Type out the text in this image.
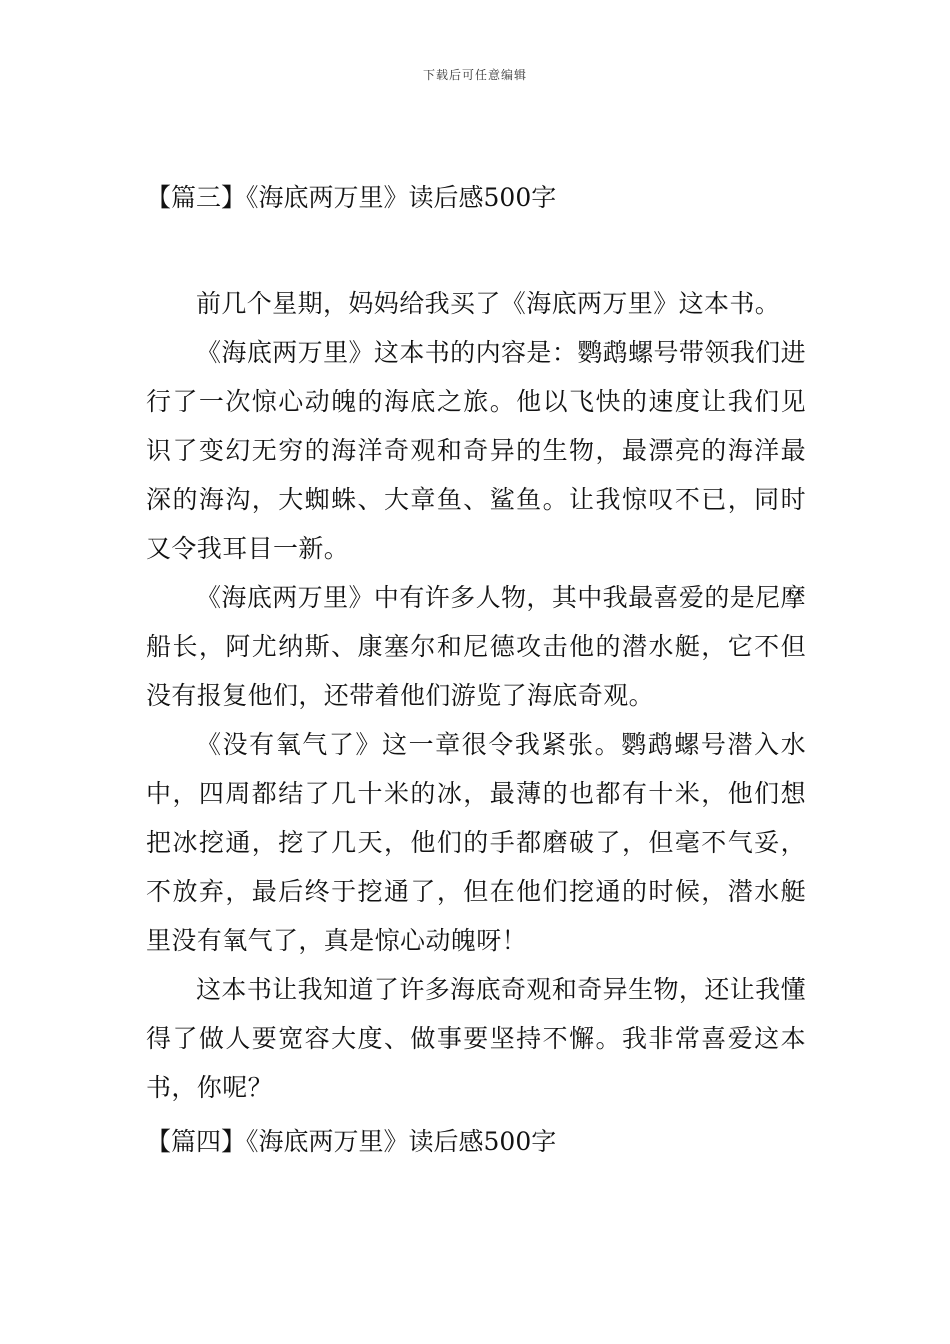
下载后可任意编辑
【篇三】《海底两万里》读后感500字

前几个星期，妈妈给我买了《海底两万里》这本书。

《海底两万里》这本书的内容是：鹦鹉螺号带领我们进行了一次惊心动魄的海底之旅。他以飞快的速度让我们见识了变幻无穷的海洋奇观和奇异的生物，最漂亮的海洋最深的海沟，大蜘蛛、大章鱼、鲨鱼。让我惊叹不已，同时又令我耳目一新。

《海底两万里》中有许多人物，其中我最喜爱的是尼摩船长，阿尤纳斯、康塞尔和尼德攻击他的潜水艇，它不但没有报复他们，还带着他们游览了海底奇观。

《没有氧气了》这一章很令我紧张。鹦鹉螺号潜入水中，四周都结了几十米的冰，最薄的也都有十米，他们想把冰挖通，挖了几天，他们的手都磨破了，但毫不气妥，不放弃，最后终于挖通了，但在他们挖通的时候，潜水艇里没有氧气了，真是惊心动魄呀！

这本书让我知道了许多海底奇观和奇异生物，还让我懂得了做人要宽容大度、做事要坚持不懈。我非常喜爱这本书，你呢？

【篇四】《海底两万里》读后感500字
